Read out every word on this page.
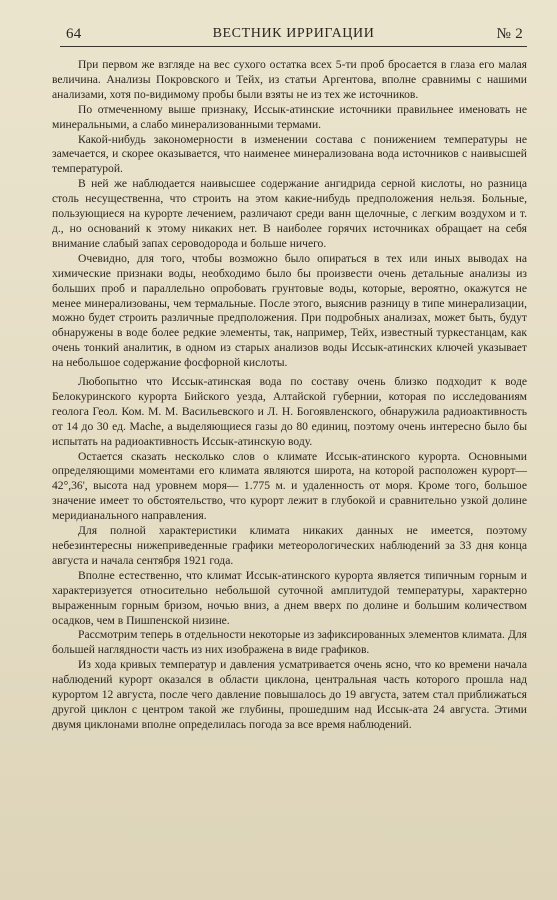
64	ВЕСТНИК ИРРИГАЦИИ	№ 2

При первом же взгляде на вес сухого остатка всех 5-ти проб бросается в глаза его малая величина. Анализы Покровского и Тейх, из статьи Аргентова, вполне сравнимы с нашими анализами, хотя по-видимому пробы были взяты не из тех же источников.

По отмеченному выше признаку, Иссык-атинские источники правильнее именовать не минеральными, а слабо минерализованными термами.

Какой-нибудь закономерности в изменении состава с понижением температуры не замечается, и скорее оказывается, что наименее минерализована вода источников с наивысшей температурой.

В ней же наблюдается наивысшее содержание ангидрида серной кислоты, но разница столь несущественна, что строить на этом какие-нибудь предположения нельзя. Больные, пользующиеся на курорте лечением, различают среди ванн щелочные, с легким воздухом и т. д., но оснований к этому никаких нет. В наиболее горячих источниках обращает на себя внимание слабый запах сероводорода и больше ничего.

Очевидно, для того, чтобы возможно было опираться в тех или иных выводах на химические признаки воды, необходимо было бы произвести очень детальные анализы из больших проб и параллельно опробовать грунтовые воды, которые, вероятно, окажутся не менее минерализованы, чем термальные. После этого, выяснив разницу в типе минерализации, можно будет строить различные предположения. При подробных анализах, может быть, будут обнаружены в воде более редкие элементы, так, например, Тейх, известный туркестанцам, как очень тонкий аналитик, в одном из старых анализов воды Иссык-атинских ключей указывает на небольшое содержание фосфорной кислоты.

Любопытно что Иссык-атинская вода по составу очень близко подходит к воде Белокуринского курорта Бийского уезда, Алтайской губернии, которая по исследованиям геолога Геол. Ком. М. М. Васильевского и Л. Н. Богоявленского, обнаружила радиоактивность от 14 до 30 ед. Mache, а выделяющиеся газы до 80 единиц, поэтому очень интересно было бы испытать на радиоактивность Иссык-атинскую воду.

Остается сказать несколько слов о климате Иссык-атинского курорта. Основными определяющими моментами его климата являются широта, на которой расположен курорт—42°,36', высота над уровнем моря— 1.775 м. и удаленность от моря. Кроме того, большое значение имеет то обстоятельство, что курорт лежит в глубокой и сравнительно узкой долине меридианального направления.

Для полной характеристики климата никаких данных не имеется, поэтому небезинтересны нижеприведенные графики метеорологических наблюдений за 33 дня конца августа и начала сентября 1921 года.

Вполне естественно, что климат Иссык-атинского курорта является типичным горным и характеризуется относительно небольшой суточной амплитудой температуры, характерно выраженным горным бризом, ночью вниз, а днем вверх по долине и большим количеством осадков, чем в Пишпенской низине.

Рассмотрим теперь в отдельности некоторые из зафиксированных элементов климата. Для большей наглядности часть из них изображена в виде графиков.

Из хода кривых температур и давления усматривается очень ясно, что ко времени начала наблюдений курорт оказался в области циклона, центральная часть которого прошла над курортом 12 августа, после чего давление повышалось до 19 августа, затем стал приближаться другой циклон с центром такой же глубины, прошедшим над Иссык-ата 24 августа. Этими двумя циклонами вполне определилась погода за все время наблюдений.
